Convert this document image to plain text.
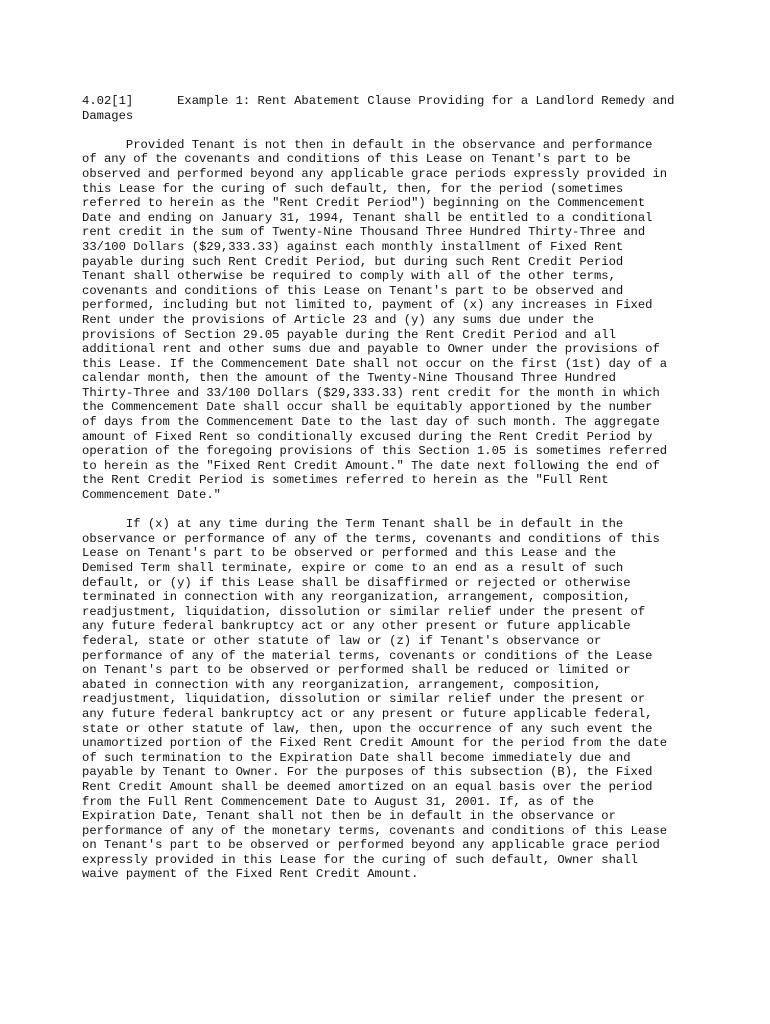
4.02[1]      Example 1: Rent Abatement Clause Providing for a Landlord Remedy and
Damages
Provided Tenant is not then in default in the observance and performance
of any of the covenants and conditions of this Lease on Tenant's part to be
observed and performed beyond any applicable grace periods expressly provided in
this Lease for the curing of such default, then, for the period (sometimes
referred to herein as the "Rent Credit Period") beginning on the Commencement
Date and ending on January 31, 1994, Tenant shall be entitled to a conditional
rent credit in the sum of Twenty-Nine Thousand Three Hundred Thirty-Three and
33/100 Dollars ($29,333.33) against each monthly installment of Fixed Rent
payable during such Rent Credit Period, but during such Rent Credit Period
Tenant shall otherwise be required to comply with all of the other terms,
covenants and conditions of this Lease on Tenant's part to be observed and
performed, including but not limited to, payment of (x) any increases in Fixed
Rent under the provisions of Article 23 and (y) any sums due under the
provisions of Section 29.05 payable during the Rent Credit Period and all
additional rent and other sums due and payable to Owner under the provisions of
this Lease. If the Commencement Date shall not occur on the first (1st) day of a
calendar month, then the amount of the Twenty-Nine Thousand Three Hundred
Thirty-Three and 33/100 Dollars ($29,333.33) rent credit for the month in which
the Commencement Date shall occur shall be equitably apportioned by the number
of days from the Commencement Date to the last day of such month. The aggregate
amount of Fixed Rent so conditionally excused during the Rent Credit Period by
operation of the foregoing provisions of this Section 1.05 is sometimes referred
to herein as the "Fixed Rent Credit Amount." The date next following the end of
the Rent Credit Period is sometimes referred to herein as the "Full Rent
Commencement Date."
If (x) at any time during the Term Tenant shall be in default in the
observance or performance of any of the terms, covenants and conditions of this
Lease on Tenant's part to be observed or performed and this Lease and the
Demised Term shall terminate, expire or come to an end as a result of such
default, or (y) if this Lease shall be disaffirmed or rejected or otherwise
terminated in connection with any reorganization, arrangement, composition,
readjustment, liquidation, dissolution or similar relief under the present of
any future federal bankruptcy act or any other present or future applicable
federal, state or other statute of law or (z) if Tenant's observance or
performance of any of the material terms, covenants or conditions of the Lease
on Tenant's part to be observed or performed shall be reduced or limited or
abated in connection with any reorganization, arrangement, composition,
readjustment, liquidation, dissolution or similar relief under the present or
any future federal bankruptcy act or any present or future applicable federal,
state or other statute of law, then, upon the occurrence of any such event the
unamortized portion of the Fixed Rent Credit Amount for the period from the date
of such termination to the Expiration Date shall become immediately due and
payable by Tenant to Owner. For the purposes of this subsection (B), the Fixed
Rent Credit Amount shall be deemed amortized on an equal basis over the period
from the Full Rent Commencement Date to August 31, 2001. If, as of the
Expiration Date, Tenant shall not then be in default in the observance or
performance of any of the monetary terms, covenants and conditions of this Lease
on Tenant's part to be observed or performed beyond any applicable grace period
expressly provided in this Lease for the curing of such default, Owner shall
waive payment of the Fixed Rent Credit Amount.
